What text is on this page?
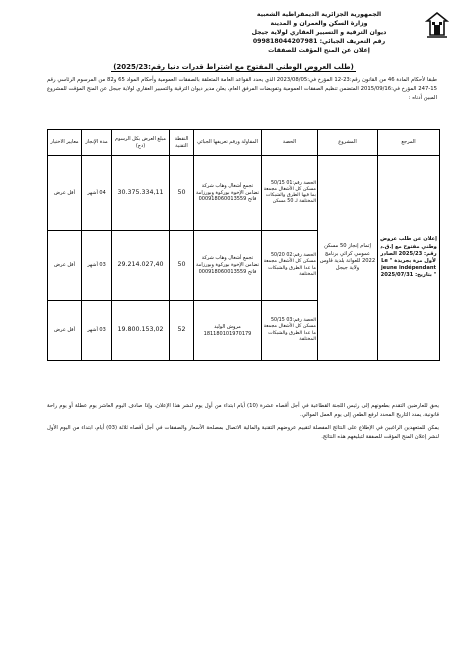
الجمهورية الجزائرية الديمقراطية الشعبية
وزارة السكن والعمران و المدينة
ديوان الترقية و التسيير العقاري لولاية جيجل
رقم التعريف الجبائي: 099818044207981
إعلان عن المنح المؤقت للصفقات
(طلب العروض الوطني المفتوح مع اشتراط قدرات دنيا رقم:2025/23)
طبقا لأحكام المادة 46 من القانون رقم:23-12 المؤرخ في:2023/08/05 الذي يحدد القواعد العامة المتعلقة بالصفقات العمومية وأحكام المواد 65 و82 من المرسوم الرئاسي رقم 15-247 المؤرخ في:2015/09/16 المتضمن تنظيم الصفقات العمومية وتفويضات المرفق العام، يعلن مدير ديوان الترقية والتسيير العقاري لولاية جيجل عن المنح المؤقت للمشروع المبين أدناه :
المرجع	المشروع	الحصة	المقاولة ورقم تعريفها الجبائي	النقطة التقنية	مبلغ العرض بكل الرسوم (دج)	مدة الإنجاز	معايير الاختيار
إعلان عن طلب عروض وطني مفتوح مع إ.ق.د رقم: 2025/23 الصادر لأول مرة بجريدة " Le jeune indépendant " بتاريخ: 2025/07/31	إتمام إنجاز 50 مسكن عمومي كرائي برنامج 2022 للعوانة بلدية قاوس ولاية جيجل	الحصة رقم:01 50/15 مسكن كل الأشغال مجمعة بما فيها الطرق والشبكات المختلفة لـ 50 مسكن	تجمع أشغال وهاب شركة تضامن الإخوة بوركوة وبورزامة فاتح 000918060013559	50	30.375.334,11	04 أشهر	أقل عرض
		الحصة رقم:02 50/20 مسكن كل الأشغال مجمعة ما عدا الطرق والشبكات المختلفة	تجمع أشغال وهاب شركة تضامن الإخوة بوركوة وبورزامة فاتح 000918060013559	50	29.214.027,40	03 أشهر	أقل عرض
		الحصة رقم:03 50/15 مسكن كل الأشغال مجمعة ما عدا الطرق والشبكات المختلفة	مروش الوليد 181180101970179	52	19.800.153,02	03 أشهر	أقل عرض

يحق للعارضين التقدم بطعونهم إلى رئيس اللجنة القطاعية في أجل أقصاه عشرة (10) أيام ابتداء من أول يوم لنشر هذا الإعلان، وإذا صادف اليوم العاشر يوم عطلة أو يوم راحة قانونية، يمدد التاريخ المحدد لرفع الطعن إلى يوم العمل الموالي.

يمكن للمتعهدين الراغبين في الإطلاع على النتائج المفصلة لتقييم عروضهم التقنية والمالية الاتصال بمصلحة الأسعار والصفقات في أجل أقصاه ثلاثة (03) أيام، ابتداء من اليوم الأول لنشر إعلان المنح المؤقت للصفقة لتبليغهم هذه النتائج.
